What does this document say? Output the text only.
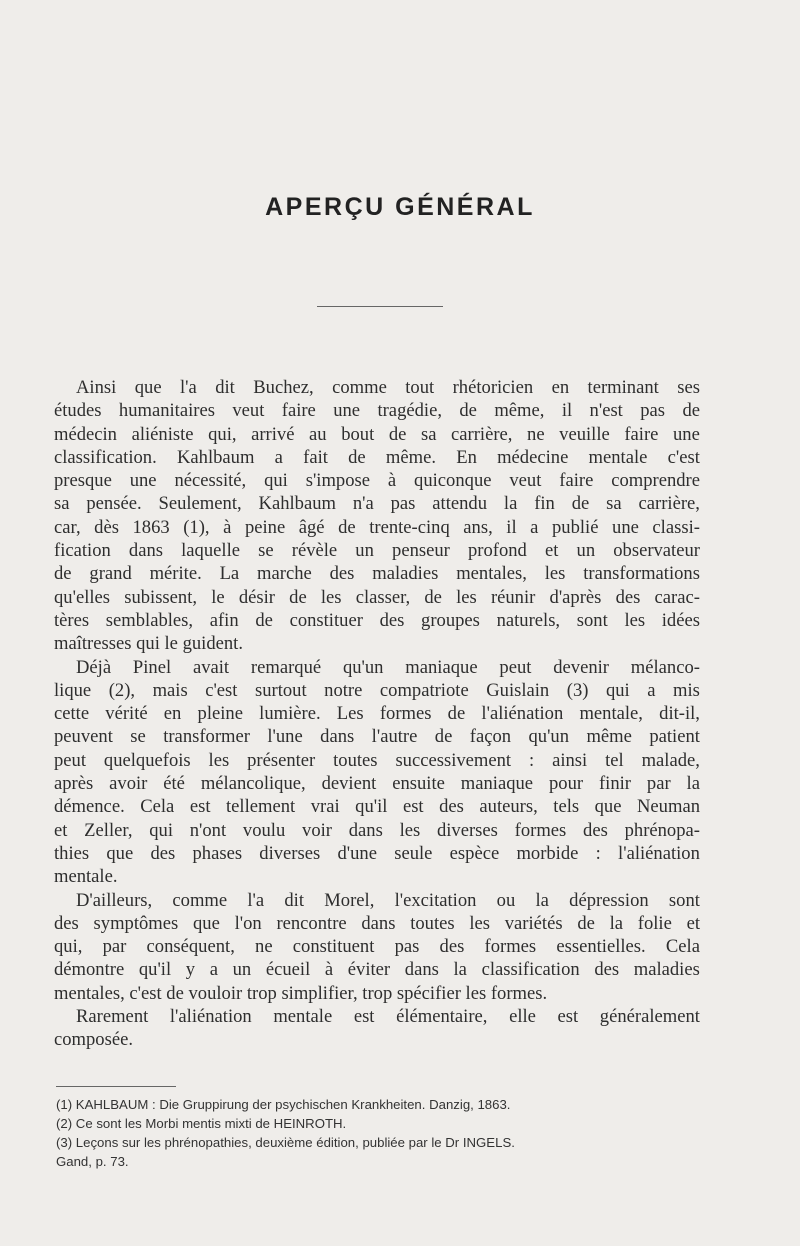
APERÇU GÉNÉRAL
Ainsi que l'a dit Buchez, comme tout rhétoricien en terminant ses
études humanitaires veut faire une tragédie, de même, il n'est pas de
médecin aliéniste qui, arrivé au bout de sa carrière, ne veuille faire une
classification. Kahlbaum a fait de même. En médecine mentale c'est
presque une nécessité, qui s'impose à quiconque veut faire comprendre
sa pensée. Seulement, Kahlbaum n'a pas attendu la fin de sa carrière,
car, dès 1863 (1), à peine âgé de trente-cinq ans, il a publié une classi-
fication dans laquelle se révèle un penseur profond et un observateur
de grand mérite. La marche des maladies mentales, les transformations
qu'elles subissent, le désir de les classer, de les réunir d'après des carac-
tères semblables, afin de constituer des groupes naturels, sont les idées
maîtresses qui le guident.
Déjà Pinel avait remarqué qu'un maniaque peut devenir mélanco-
lique (2), mais c'est surtout notre compatriote Guislain (3) qui a mis
cette vérité en pleine lumière. Les formes de l'aliénation mentale, dit-il,
peuvent se transformer l'une dans l'autre de façon qu'un même patient
peut quelquefois les présenter toutes successivement : ainsi tel malade,
après avoir été mélancolique, devient ensuite maniaque pour finir par la
démence. Cela est tellement vrai qu'il est des auteurs, tels que Neuman
et Zeller, qui n'ont voulu voir dans les diverses formes des phrénopa-
thies que des phases diverses d'une seule espèce morbide : l'aliénation
mentale.
D'ailleurs, comme l'a dit Morel, l'excitation ou la dépression sont
des symptômes que l'on rencontre dans toutes les variétés de la folie et
qui, par conséquent, ne constituent pas des formes essentielles. Cela
démontre qu'il y a un écueil à éviter dans la classification des maladies
mentales, c'est de vouloir trop simplifier, trop spécifier les formes.
Rarement l'aliénation mentale est élémentaire, elle est généralement
composée.
(1) KAHLBAUM : Die Gruppirung der psychischen Krankheiten. Danzig, 1863.
(2) Ce sont les Morbi mentis mixti de HEINROTH.
(3) Leçons sur les phrénopathies, deuxième édition, publiée par le Dr INGELS.
Gand, p. 73.
